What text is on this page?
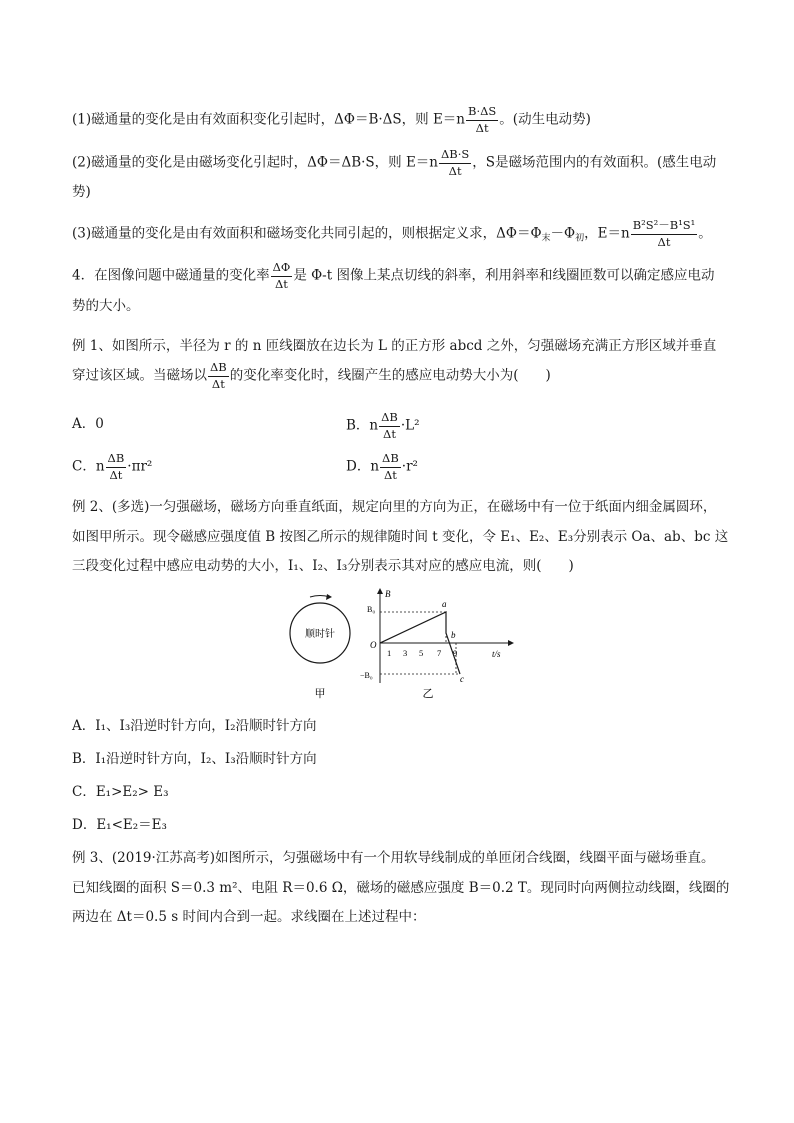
(1)磁通量的变化是由有效面积变化引起时，ΔΦ＝B·ΔS，则 $E=n \frac{B\cdot\Delta S}{\Delta t}$ 。(动生电动势)
(2)磁通量的变化是由磁场变化引起时，ΔΦ＝ΔB·S，则 $E=n \frac{\Delta B\cdot S}{\Delta t}$ ，S是磁场范围内的有效面积。(感生电动
势)
(3)磁通量的变化是由有效面积和磁场变化共同引起的，则根据定义求，$\Delta\Phi=\Phi_末-\Phi_初$，$E=n \frac{\text{B²S²－B¹S¹}}{\Delta t}$ 。
4．在图像问题中磁通量的变化率 $\frac{\Delta\Phi}{\Delta t}$ 是 Φ-t 图像上某点切线的斜率，利用斜率和线圈匝数可以确定感应电动
势的大小。
例 1、如图所示，半径为 r 的 n 匝线圈放在边长为 L 的正方形 abcd 之外，匀强磁场充满正方形区域并垂直
穿过该区域。当磁场以 $\frac{\Delta B}{\Delta t}$ 的变化率变化时，线圈产生的感应电动势大小为(　　)
A．0	B．n $\frac{\Delta B}{\Delta t} \cdot L^2$
C．n $\frac{\Delta B}{\Delta t} \cdot\pi r^2$	D．n $\frac{\Delta B}{\Delta t} \cdot r^2$
例 2、(多选)一匀强磁场，磁场方向垂直纸面，规定向里的方向为正，在磁场中有一位于纸面内细金属圆环，
如图甲所示。现令磁感应强度值 B 按图乙所示的规律随时间 t 变化，令 E₁、E₂、E₃分别表示 Oa、ab、bc 这
三段变化过程中感应电动势的大小，I₁、I₂、I₃分别表示其对应的感应电流，则(　　)
顺时针
甲
B
t/s
B₀
−B₀
O
1 3 5 7 9
a
b
c
乙
A．I₁、I₃沿逆时针方向，I₂沿顺时针方向
B．I₁沿逆时针方向，I₂、I₃沿顺时针方向
C．E₁>E₂> E₃
D．E₁<E₂＝E₃
例 3、(2019·江苏高考)如图所示，匀强磁场中有一个用软导线制成的单匝闭合线圈，线圈平面与磁场垂直。
已知线圈的面积 S＝0.3 m²、电阻 R＝0.6 Ω，磁场的磁感应强度 B＝0.2 T。现同时向两侧拉动线圈，线圈的
两边在 Δt＝0.5 s 时间内合到一起。求线圈在上述过程中：
